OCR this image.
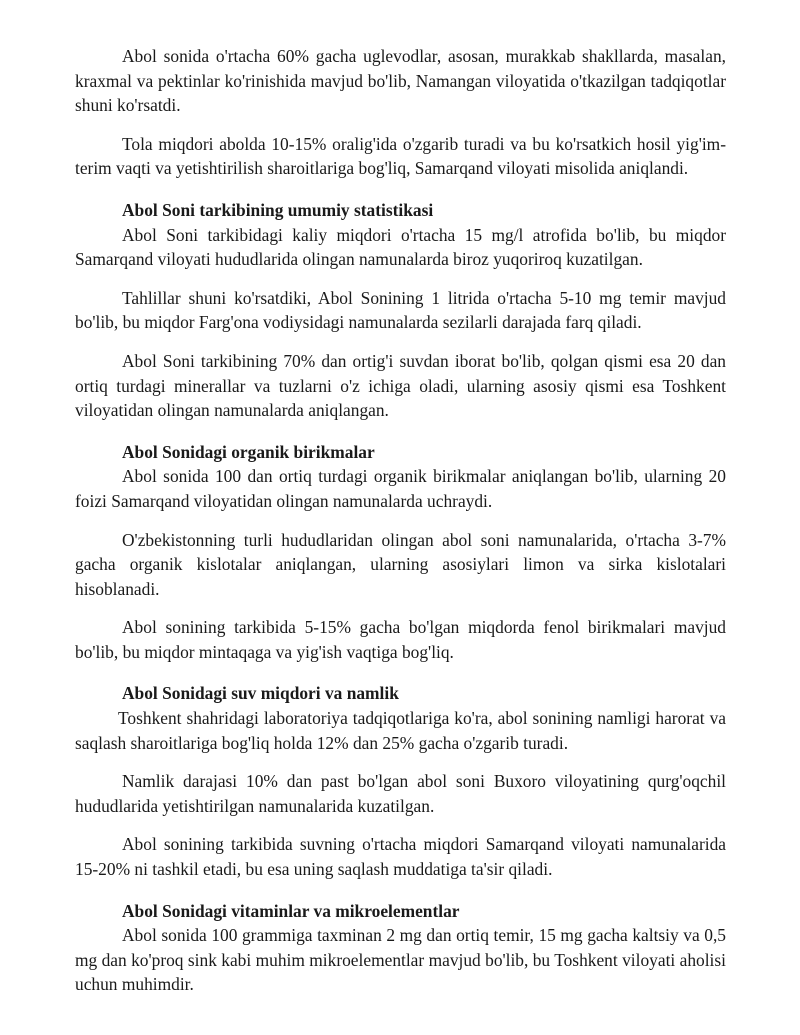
Abol sonida o'rtacha 60% gacha uglevodlar, asosan, murakkab shakllarda, masalan, kraxmal va pektinlar ko'rinishida mavjud bo'lib, Namangan viloyatida o'tkazilgan tadqiqotlar shuni ko'rsatdi.

Tola miqdori abolda 10-15% oralig'ida o'zgarib turadi va bu ko'rsatkich hosil yig'im-terim vaqti va yetishtirilish sharoitlariga bog'liq, Samarqand viloyati misolida aniqlandi.

Abol Soni tarkibining umumiy statistikasi

Abol Soni tarkibidagi kaliy miqdori o'rtacha 15 mg/l atrofida bo'lib, bu miqdor Samarqand viloyati hududlarida olingan namunalarda biroz yuqoriroq kuzatilgan.

Tahlillar shuni ko'rsatdiki, Abol Sonining 1 litrida o'rtacha 5-10 mg temir mavjud bo'lib, bu miqdor Farg'ona vodiysidagi namunalarda sezilarli darajada farq qiladi.

Abol Soni tarkibining 70% dan ortig'i suvdan iborat bo'lib, qolgan qismi esa 20 dan ortiq turdagi minerallar va tuzlarni o'z ichiga oladi, ularning asosiy qismi esa Toshkent viloyatidan olingan namunalarda aniqlangan.

Abol Sonidagi organik birikmalar

Abol sonida 100 dan ortiq turdagi organik birikmalar aniqlangan bo'lib, ularning 20 foizi Samarqand viloyatidan olingan namunalarda uchraydi.

O'zbekistonning turli hududlaridan olingan abol soni namunalarida, o'rtacha 3-7% gacha organik kislotalar aniqlangan, ularning asosiylari limon va sirka kislotalari hisoblanadi.

Abol sonining tarkibida 5-15% gacha bo'lgan miqdorda fenol birikmalari mavjud bo'lib, bu miqdor mintaqaga va yig'ish vaqtiga bog'liq.

Abol Sonidagi suv miqdori va namlik

Toshkent shahridagi laboratoriya tadqiqotlariga ko'ra, abol sonining namligi harorat va saqlash sharoitlariga bog'liq holda 12% dan 25% gacha o'zgarib turadi.

Namlik darajasi 10% dan past bo'lgan abol soni Buxoro viloyatining qurg'oqchil hududlarida yetishtirilgan namunalarida kuzatilgan.

Abol sonining tarkibida suvning o'rtacha miqdori Samarqand viloyati namunalarida 15-20% ni tashkil etadi, bu esa uning saqlash muddatiga ta'sir qiladi.

Abol Sonidagi vitaminlar va mikroelementlar

Abol sonida 100 grammiga taxminan 2 mg dan ortiq temir, 15 mg gacha kaltsiy va 0,5 mg dan ko'proq sink kabi muhim mikroelementlar mavjud bo'lib, bu Toshkent viloyati aholisi uchun muhimdir.
